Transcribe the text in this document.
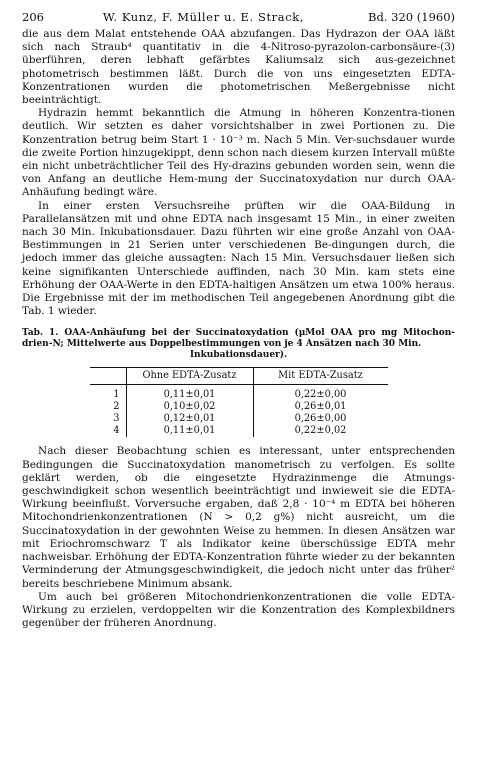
206	W. Kunz, F. Müller u. E. Strack,	Bd. 320 (1960)

die aus dem Malat entstehende OAA abzufangen. Das Hydrazon der OAA läßt sich nach Straub⁴ quantitativ in die 4-Nitroso-pyrazolon-carbonsäure-(3) überführen, deren lebhaft gefärbtes Kaliumsalz sich aus-gezeichnet photometrisch bestimmen läßt. Durch die von uns eingesetzten EDTA-Konzentrationen wurden die photometrischen Meßergebnisse nicht beeinträchtigt.

Hydrazin hemmt bekanntlich die Atmung in höheren Konzentra-tionen deutlich. Wir setzten es daher vorsichtshalber in zwei Portionen zu. Die Konzentration betrug beim Start 1 · 10⁻³ m. Nach 5 Min. Ver-suchsdauer wurde die zweite Portion hinzugekippt, denn schon nach diesem kurzen Intervall müßte ein nicht unbeträchtlicher Teil des Hy-drazins gebunden worden sein, wenn die von Anfang an deutliche Hem-mung der Succinatoxydation nur durch OAA-Anhäufung bedingt wäre.

In einer ersten Versuchsreihe prüften wir die OAA-Bildung in Parallelansätzen mit und ohne EDTA nach insgesamt 15 Min., in einer zweiten nach 30 Min. Inkubationsdauer. Dazu führten wir eine große Anzahl von OAA-Bestimmungen in 21 Serien unter verschiedenen Be-dingungen durch, die jedoch immer das gleiche aussagten: Nach 15 Min. Versuchsdauer ließen sich keine signifikanten Unterschiede auffinden, nach 30 Min. kam stets eine Erhöhung der OAA-Werte in den EDTA-haltigen Ansätzen um etwa 100% heraus. Die Ergebnisse mit der im methodischen Teil angegebenen Anordnung gibt die Tab. 1 wieder.

Tab. 1. OAA-Anhäufung bei der Succinatoxydation (μMol OAA pro mg Mitochon-drien-N; Mittelwerte aus Doppelbestimmungen von je 4 Ansätzen nach 30 Min.
Inkubationsdauer).
	Ohne EDTA-Zusatz	Mit EDTA-Zusatz
1	0,11±0,01	0,22±0,00
2	0,10±0,02	0,26±0,01
3	0,12±0,01	0,26±0,00
4	0,11±0,01	0,22±0,02

Nach dieser Beobachtung schien es interessant, unter entsprechenden Bedingungen die Succinatoxydation manometrisch zu verfolgen. Es sollte geklärt werden, ob die eingesetzte Hydrazinmenge die Atmungs-geschwindigkeit schon wesentlich beeinträchtigt und inwieweit sie die EDTA-Wirkung beeinflußt. Vorversuche ergaben, daß 2,8 · 10⁻⁴ m EDTA bei höheren Mitochondrienkonzentrationen (N > 0,2 g%) nicht ausreicht, um die Succinatoxydation in der gewohnten Weise zu hemmen. In diesen Ansätzen war mit Eriochromschwarz T als Indikator keine überschüssige EDTA mehr nachweisbar. Erhöhung der EDTA-Konzentration führte wieder zu der bekannten Verminderung der Atmungsgeschwindigkeit, die jedoch nicht unter das früher² bereits beschriebene Minimum absank.

Um auch bei größeren Mitochondrienkonzentrationen die volle EDTA-Wirkung zu erzielen, verdoppelten wir die Konzentration des Komplexbildners gegenüber der früheren Anordnung.
